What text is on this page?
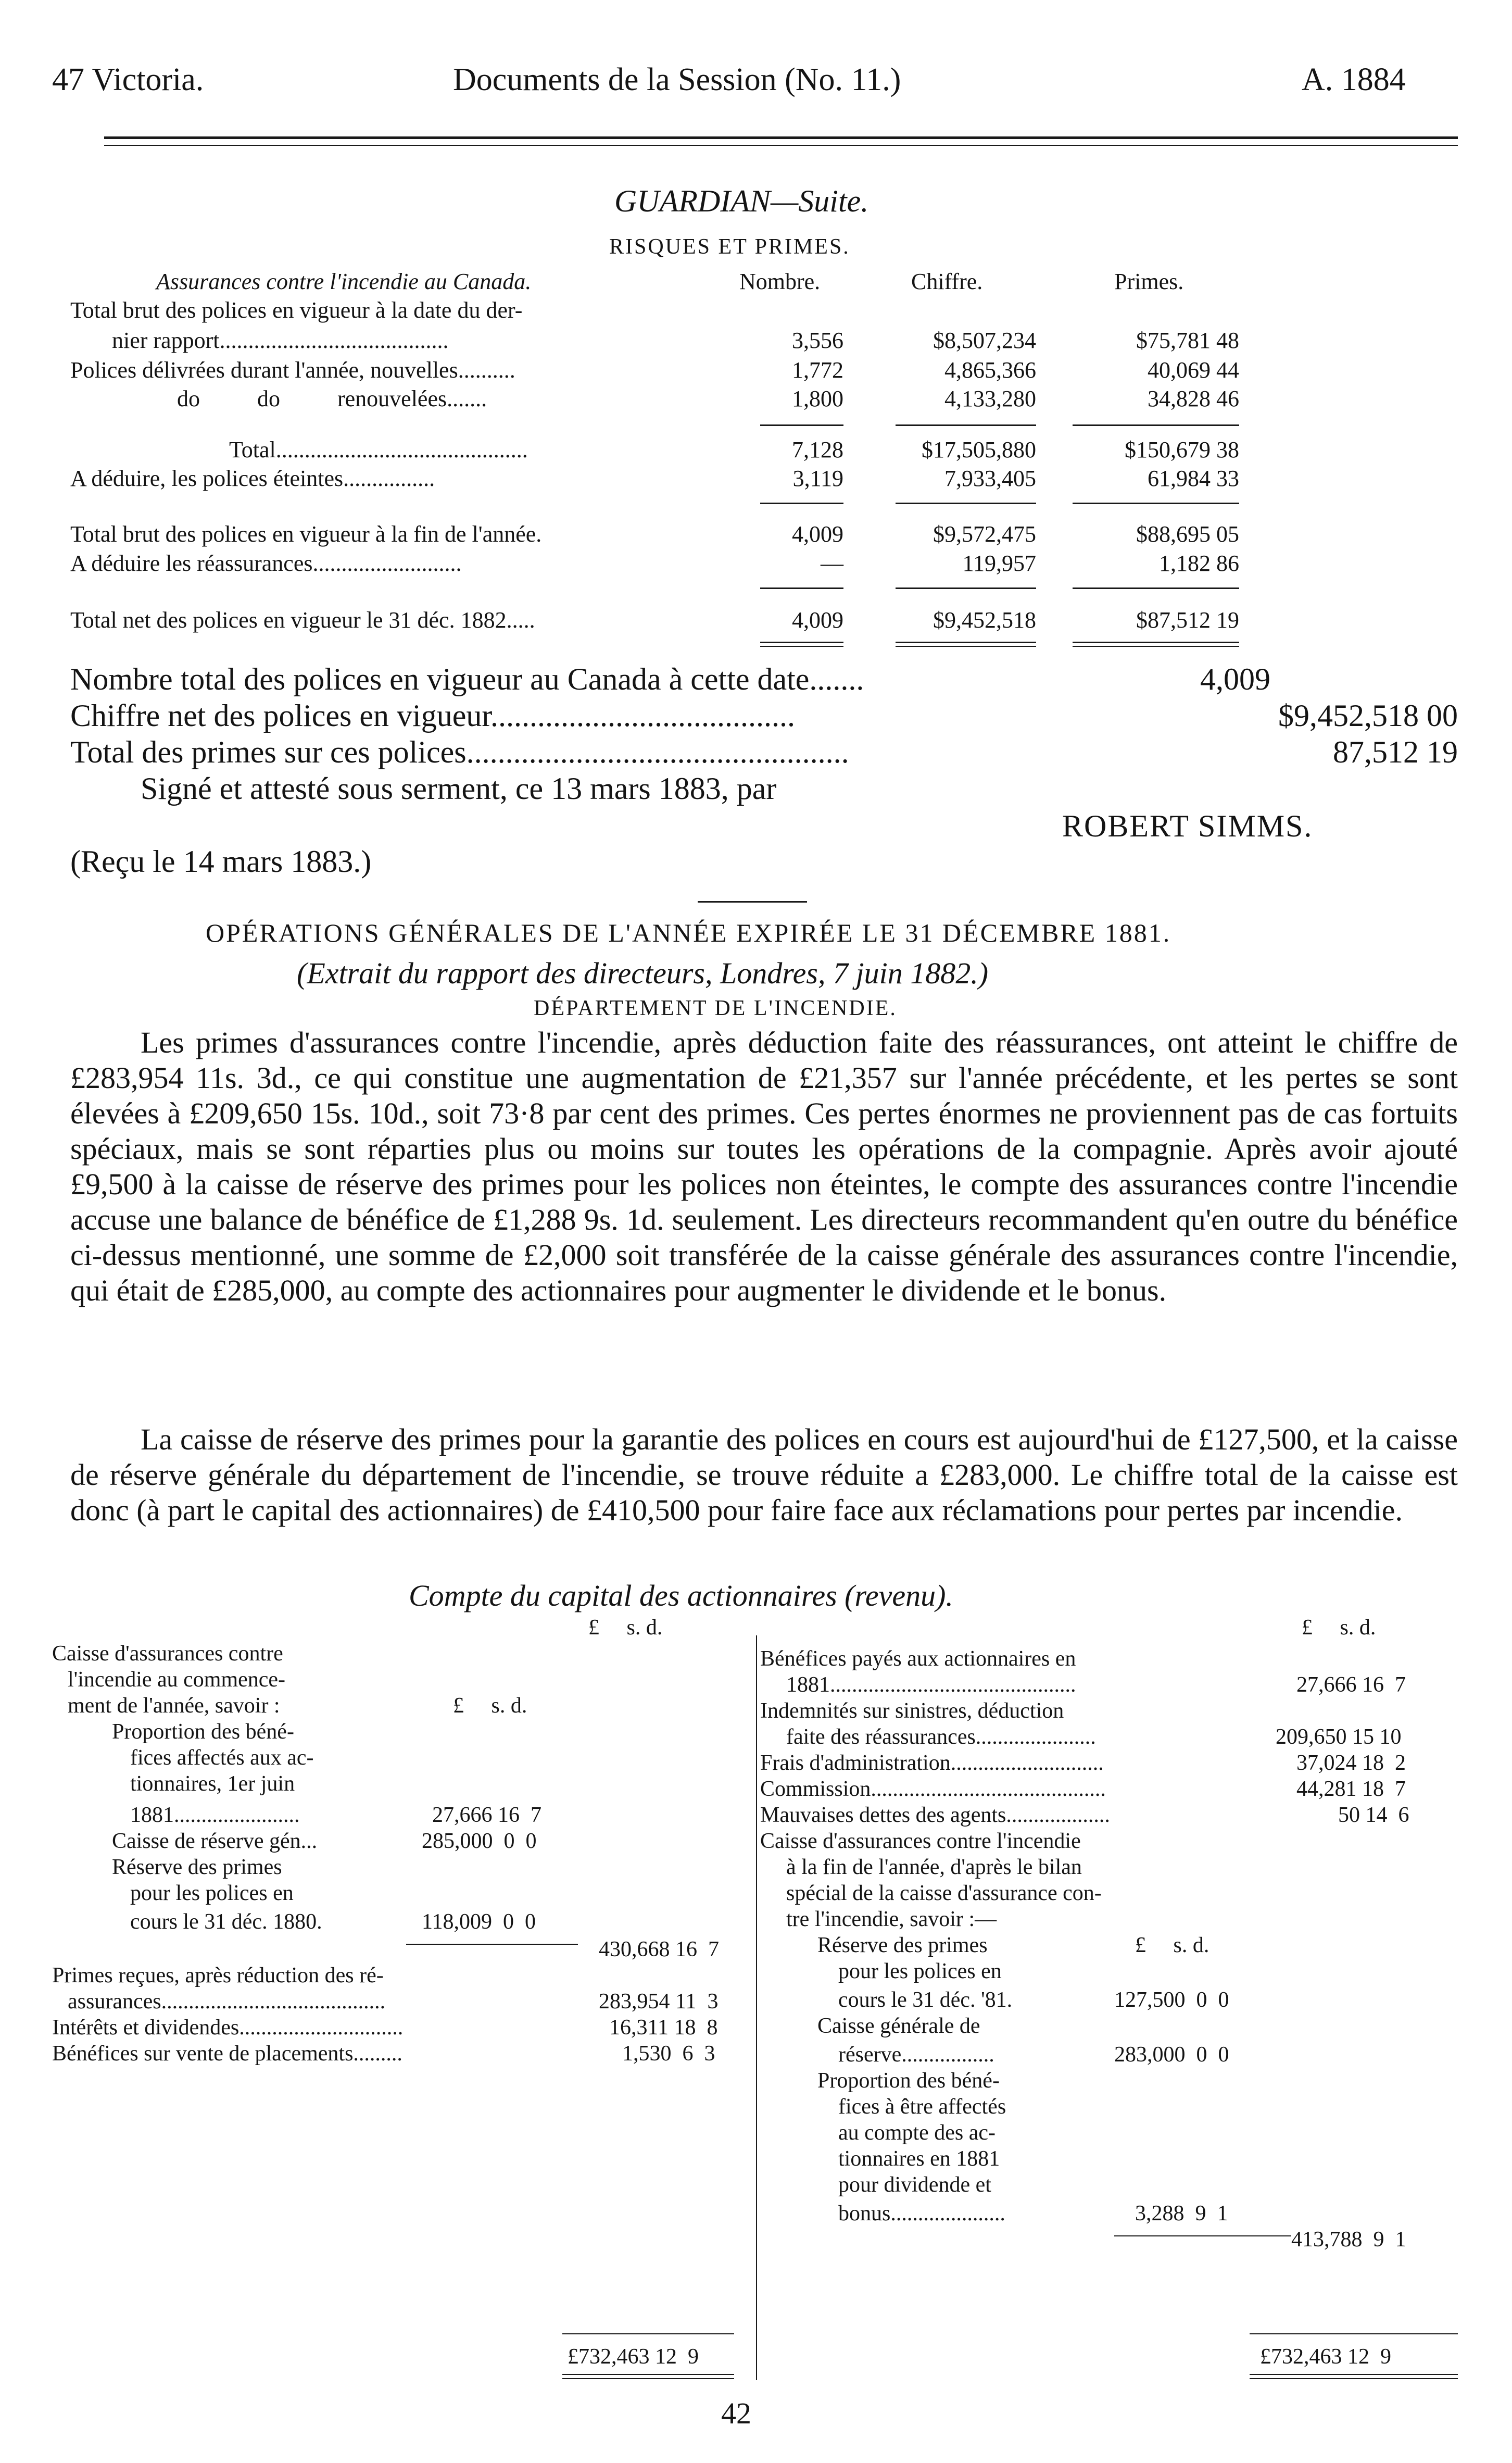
47 Victoria.	Documents de la Session (No. 11.)	A. 1884
GUARDIAN—Suite.
RISQUES ET PRIMES.
Assurances contre l'incendie au Canada.	Nombre.	Chiffre.	Primes.
Total brut des polices en vigueur à la date du der-
nier rapport........................................	3,556	$8,507,234	$75,781 48
Polices délivrées durant l'année, nouvelles..........	1,772	4,865,366	40,069 44
do          do          renouvelées.......	1,800	4,133,280	34,828 46
Total............................................	7,128	$17,505,880	$150,679 38
A déduire, les polices éteintes................	3,119	7,933,405	61,984 33
Total brut des polices en vigueur à la fin de l'année.	4,009	$9,572,475	$88,695 05
A déduire les réassurances..........................	—	119,957	1,182 86
Total net des polices en vigueur le 31 déc. 1882.....	4,009	$9,452,518	$87,512 19
Nombre total des polices en vigueur au Canada à cette date.......	4,009
Chiffre net des polices en vigueur.......................................	$9,452,518 00
Total des primes sur ces polices.................................................	87,512 19
Signé et attesté sous serment, ce 13 mars 1883, par
ROBERT SIMMS.
(Reçu le 14 mars 1883.)
OPÉRATIONS GÉNÉRALES DE L'ANNÉE EXPIRÉE LE 31 DÉCEMBRE 1881.
(Extrait du rapport des directeurs, Londres, 7 juin 1882.)
DÉPARTEMENT DE L'INCENDIE.
Les primes d'assurances contre l'incendie, après déduction faite des réassurances, ont atteint le chiffre de £283,954 11s. 3d., ce qui constitue une augmentation de £21,357 sur l'année précédente, et les pertes se sont élevées à £209,650 15s. 10d., soit 73·8 par cent des primes. Ces pertes énormes ne proviennent pas de cas fortuits spéciaux, mais se sont réparties plus ou moins sur toutes les opérations de la compagnie. Après avoir ajouté £9,500 à la caisse de réserve des primes pour les polices non éteintes, le compte des assurances contre l'incendie accuse une balance de bénéfice de £1,288 9s. 1d. seulement. Les directeurs recommandent qu'en outre du bénéfice ci-dessus mentionné, une somme de £2,000 soit transférée de la caisse générale des assurances contre l'incendie, qui était de £285,000, au compte des actionnaires pour augmenter le dividende et le bonus.
La caisse de réserve des primes pour la garantie des polices en cours est aujourd'hui de £127,500, et la caisse de réserve générale du département de l'incendie, se trouve réduite a £283,000. Le chiffre total de la caisse est donc (à part le capital des actionnaires) de £410,500 pour faire face aux réclamations pour pertes par incendie.
Compte du capital des actionnaires (revenu).
£     s. d.	£     s. d.
Caisse d'assurances contre
l'incendie au commence-
ment de l'année, savoir :	£     s. d.
Proportion des béné-
fices affectés aux ac-
tionnaires, 1er juin
1881.......................	27,666 16  7
Caisse de réserve gén...	285,000  0  0
Réserve des primes
pour les polices en
cours le 31 déc. 1880.	118,009  0  0
430,668 16  7
Primes reçues, après réduction des ré-
assurances.........................................	283,954 11  3
Intérêts et dividendes..............................	16,311 18  8
Bénéfices sur vente de placements.........	1,530  6  3
£732,463 12  9
Bénéfices payés aux actionnaires en
1881.............................................	27,666 16  7
Indemnités sur sinistres, déduction
faite des réassurances......................	209,650 15 10
Frais d'administration............................	37,024 18  2
Commission...........................................	44,281 18  7
Mauvaises dettes des agents...................	50 14  6
Caisse d'assurances contre l'incendie
à la fin de l'année, d'après le bilan
spécial de la caisse d'assurance con-
tre l'incendie, savoir :—
Réserve des primes	£     s. d.
pour les polices en
cours le 31 déc. '81.	127,500  0  0
Caisse générale de
réserve.................	283,000  0  0
Proportion des béné-
fices à être affectés
au compte des ac-
tionnaires en 1881
pour dividende et
bonus.....................	3,288  9  1
413,788  9  1
£732,463 12  9
42
